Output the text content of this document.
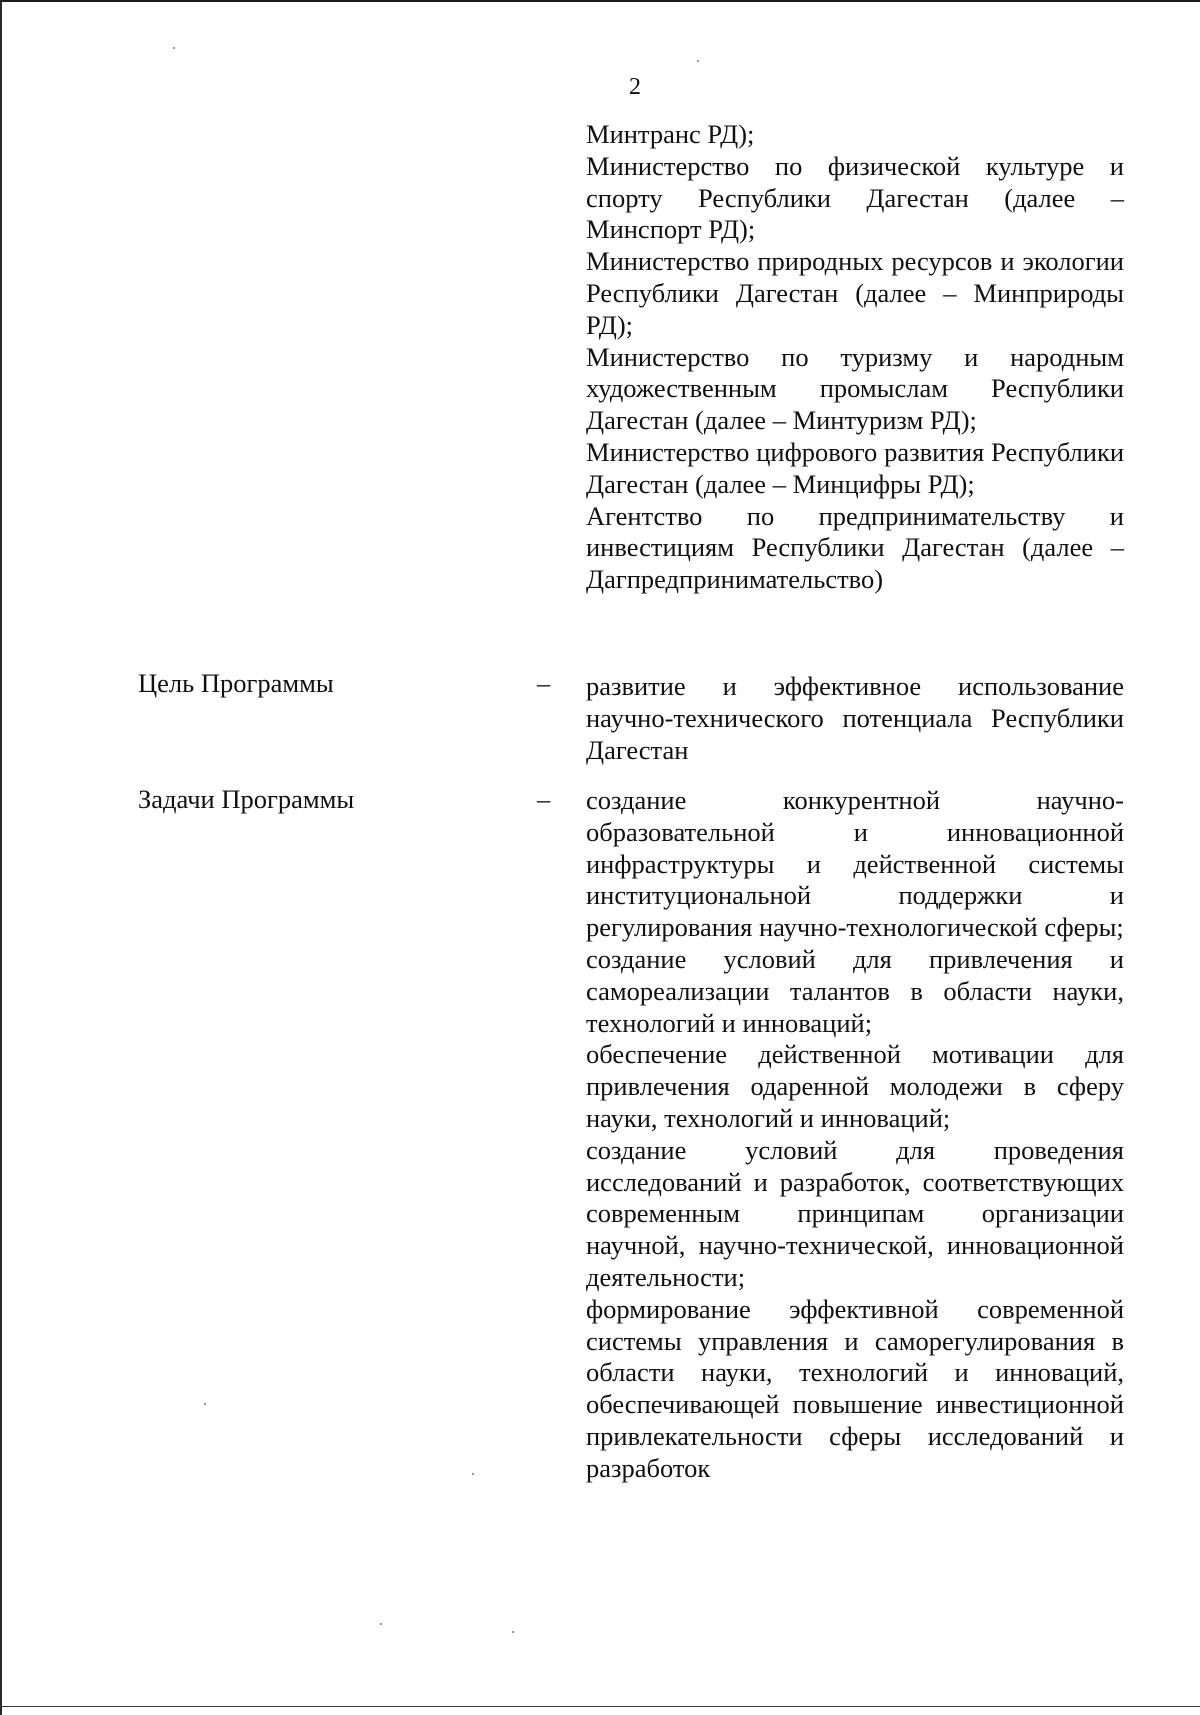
2

Минтранс РД);

Министерство по физической культуре и спорту Республики Дагестан (далее – Минспорт РД);

Министерство природных ресурсов и экологии Республики Дагестан (далее – Минприроды РД);

Министерство по туризму и народным художественным промыслам Республики Дагестан (далее – Минтуризм РД);

Министерство цифрового развития Республики Дагестан (далее – Минцифры РД);

Агентство по предпринимательству и инвестициям Республики Дагестан (далее – Дагпредпринимательство)

Цель Программы	– развитие и эффективное использование научно-технического потенциала Республики Дагестан

Задачи Программы	– создание конкурентной научно-образовательной и инновационной инфраструктуры и действенной системы институциональной поддержки и регулирования научно-технологической сферы;

создание условий для привлечения и самореализации талантов в области науки, технологий и инноваций;

обеспечение действенной мотивации для привлечения одаренной молодежи в сферу науки, технологий и инноваций;

создание условий для проведения исследований и разработок, соответствующих современным принципам организации научной, научно-технической, инновационной деятельности;

формирование эффективной современной системы управления и саморегулирования в области науки, технологий и инноваций, обеспечивающей повышение инвестиционной привлекательности сферы исследований и разработок
